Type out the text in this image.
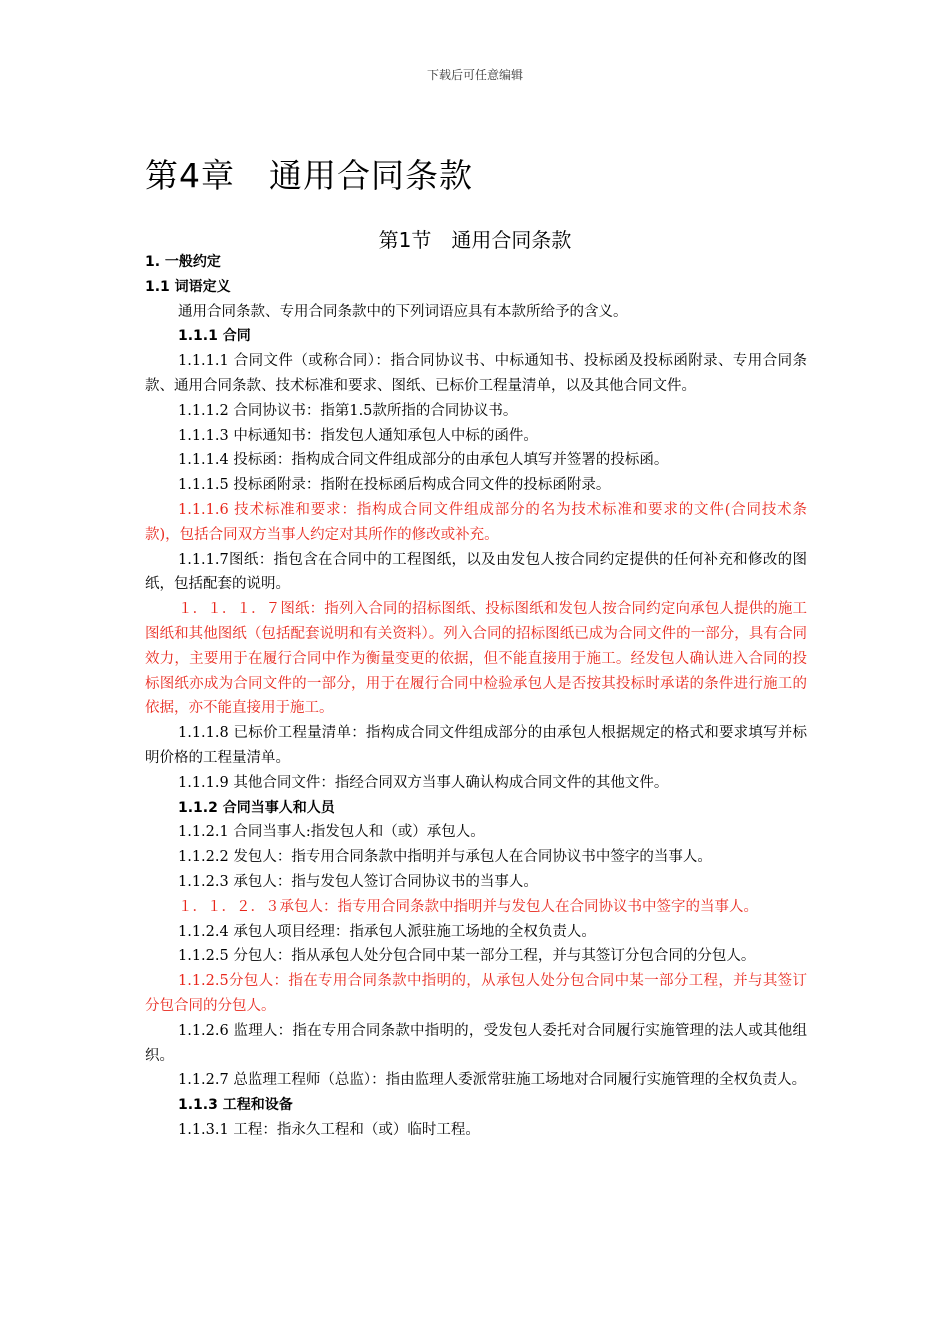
下载后可任意编辑
第4章　通用合同条款
第1节　通用合同条款

1. 一般约定

1.1 词语定义

通用合同条款、专用合同条款中的下列词语应具有本款所给予的含义。

1.1.1 合同

1.1.1.1 合同文件（或称合同）：指合同协议书、中标通知书、投标函及投标函附录、专用合同条款、通用合同条款、技术标准和要求、图纸、已标价工程量清单，以及其他合同文件。

1.1.1.2 合同协议书：指第1.5款所指的合同协议书。

1.1.1.3 中标通知书：指发包人通知承包人中标的函件。

1.1.1.4 投标函：指构成合同文件组成部分的由承包人填写并签署的投标函。

1.1.1.5 投标函附录：指附在投标函后构成合同文件的投标函附录。

1.1.1.6 技术标准和要求：指构成合同文件组成部分的名为技术标准和要求的文件(合同技术条款)，包括合同双方当事人约定对其所作的修改或补充。

1.1.1.7图纸：指包含在合同中的工程图纸，以及由发包人按合同约定提供的任何补充和修改的图纸，包括配套的说明。

１．１．１．７图纸：指列入合同的招标图纸、投标图纸和发包人按合同约定向承包人提供的施工图纸和其他图纸（包括配套说明和有关资料）。列入合同的招标图纸已成为合同文件的一部分，具有合同效力，主要用于在履行合同中作为衡量变更的依据，但不能直接用于施工。经发包人确认进入合同的投标图纸亦成为合同文件的一部分，用于在履行合同中检验承包人是否按其投标时承诺的条件进行施工的依据，亦不能直接用于施工。

1.1.1.8 已标价工程量清单：指构成合同文件组成部分的由承包人根据规定的格式和要求填写并标明价格的工程量清单。

1.1.1.9 其他合同文件：指经合同双方当事人确认构成合同文件的其他文件。

1.1.2 合同当事人和人员

1.1.2.1 合同当事人:指发包人和（或）承包人。

1.1.2.2 发包人：指专用合同条款中指明并与承包人在合同协议书中签字的当事人。

1.1.2.3 承包人：指与发包人签订合同协议书的当事人。

１．１．２．３承包人：指专用合同条款中指明并与发包人在合同协议书中签字的当事人。

1.1.2.4 承包人项目经理：指承包人派驻施工场地的全权负责人。

1.1.2.5 分包人：指从承包人处分包合同中某一部分工程，并与其签订分包合同的分包人。

1.1.2.5分包人：指在专用合同条款中指明的，从承包人处分包合同中某一部分工程，并与其签订分包合同的分包人。

1.1.2.6 监理人：指在专用合同条款中指明的，受发包人委托对合同履行实施管理的法人或其他组织。

1.1.2.7 总监理工程师（总监）：指由监理人委派常驻施工场地对合同履行实施管理的全权负责人。

1.1.3 工程和设备

1.1.3.1 工程：指永久工程和（或）临时工程。
